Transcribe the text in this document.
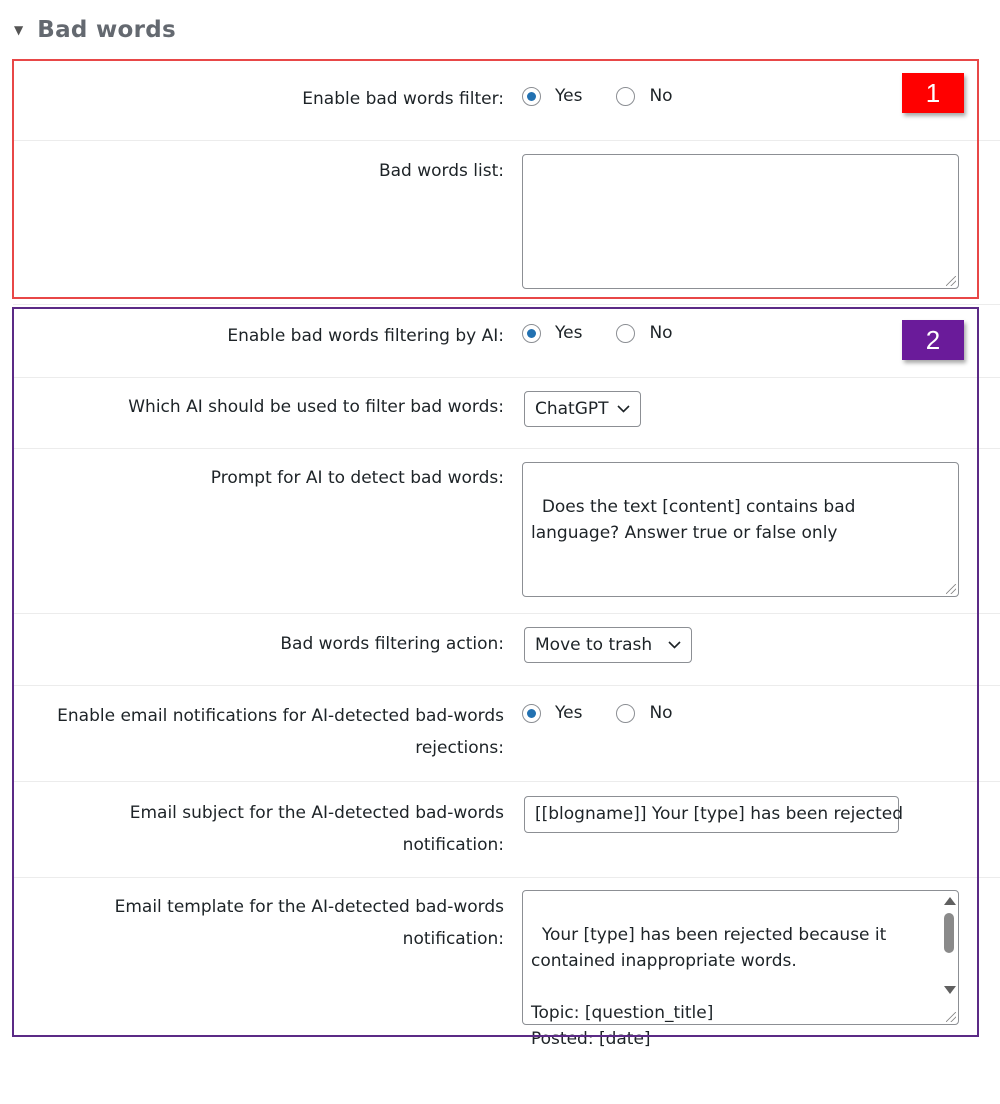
▼ Bad words
Enable bad words filter:	Yes	No
Bad words list:

Enable bad words filtering by AI:	Yes	No
Which AI should be used to filter bad words: ChatGPT
Prompt for AI to detect bad words:

Does the text [content] contains bad
language? Answer true or false only

Bad words filtering action: Move to trash
Enable email notifications for AI-detected bad-words rejections:
Yes	No
Email subject for the AI-detected bad-words notification:
[[blogname]] Your [type] has been rejected
Email template for the AI-detected bad-words notification:	Your [type] has been rejected because it
contained inappropriate words.

Topic: [question_title]
Posted: [date]

1
2
